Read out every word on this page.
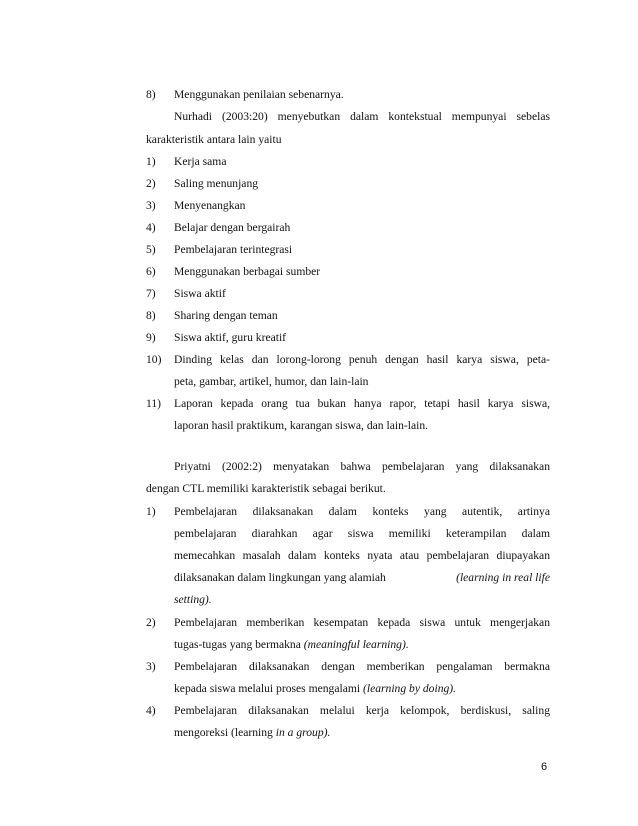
8) Menggunakan penilaian sebenarnya.
Nurhadi (2003:20) menyebutkan dalam kontekstual mempunyai sebelas
karakteristik antara lain yaitu
1) Kerja sama
2) Saling menunjang
3) Menyenangkan
4) Belajar dengan bergairah
5) Pembelajaran terintegrasi
6) Menggunakan berbagai sumber
7) Siswa aktif
8) Sharing dengan teman
9) Siswa aktif, guru kreatif
10) Dinding kelas dan lorong-lorong penuh dengan hasil karya siswa, peta-
peta, gambar, artikel, humor, dan lain-lain
11) Laporan kepada orang tua bukan hanya rapor, tetapi hasil karya siswa,
laporan hasil praktikum, karangan siswa, dan lain-lain.
Priyatni (2002:2) menyatakan bahwa pembelajaran yang dilaksanakan
dengan CTL memiliki karakteristik sebagai berikut.
1) Pembelajaran dilaksanakan dalam konteks yang autentik, artinya
pembelajaran diarahkan agar siswa memiliki keterampilan dalam
memecahkan masalah dalam konteks nyata atau pembelajaran diupayakan
dilaksanakan dalam lingkungan yang alamiah	(learning in real life
setting).
2) Pembelajaran memberikan kesempatan kepada siswa untuk mengerjakan
tugas-tugas yang bermakna (meaningful learning).
3) Pembelajaran dilaksanakan dengan memberikan pengalaman bermakna
kepada siswa melalui proses mengalami (learning by doing).
4) Pembelajaran dilaksanakan melalui kerja kelompok, berdiskusi, saling
mengoreksi (learning in a group).
6
